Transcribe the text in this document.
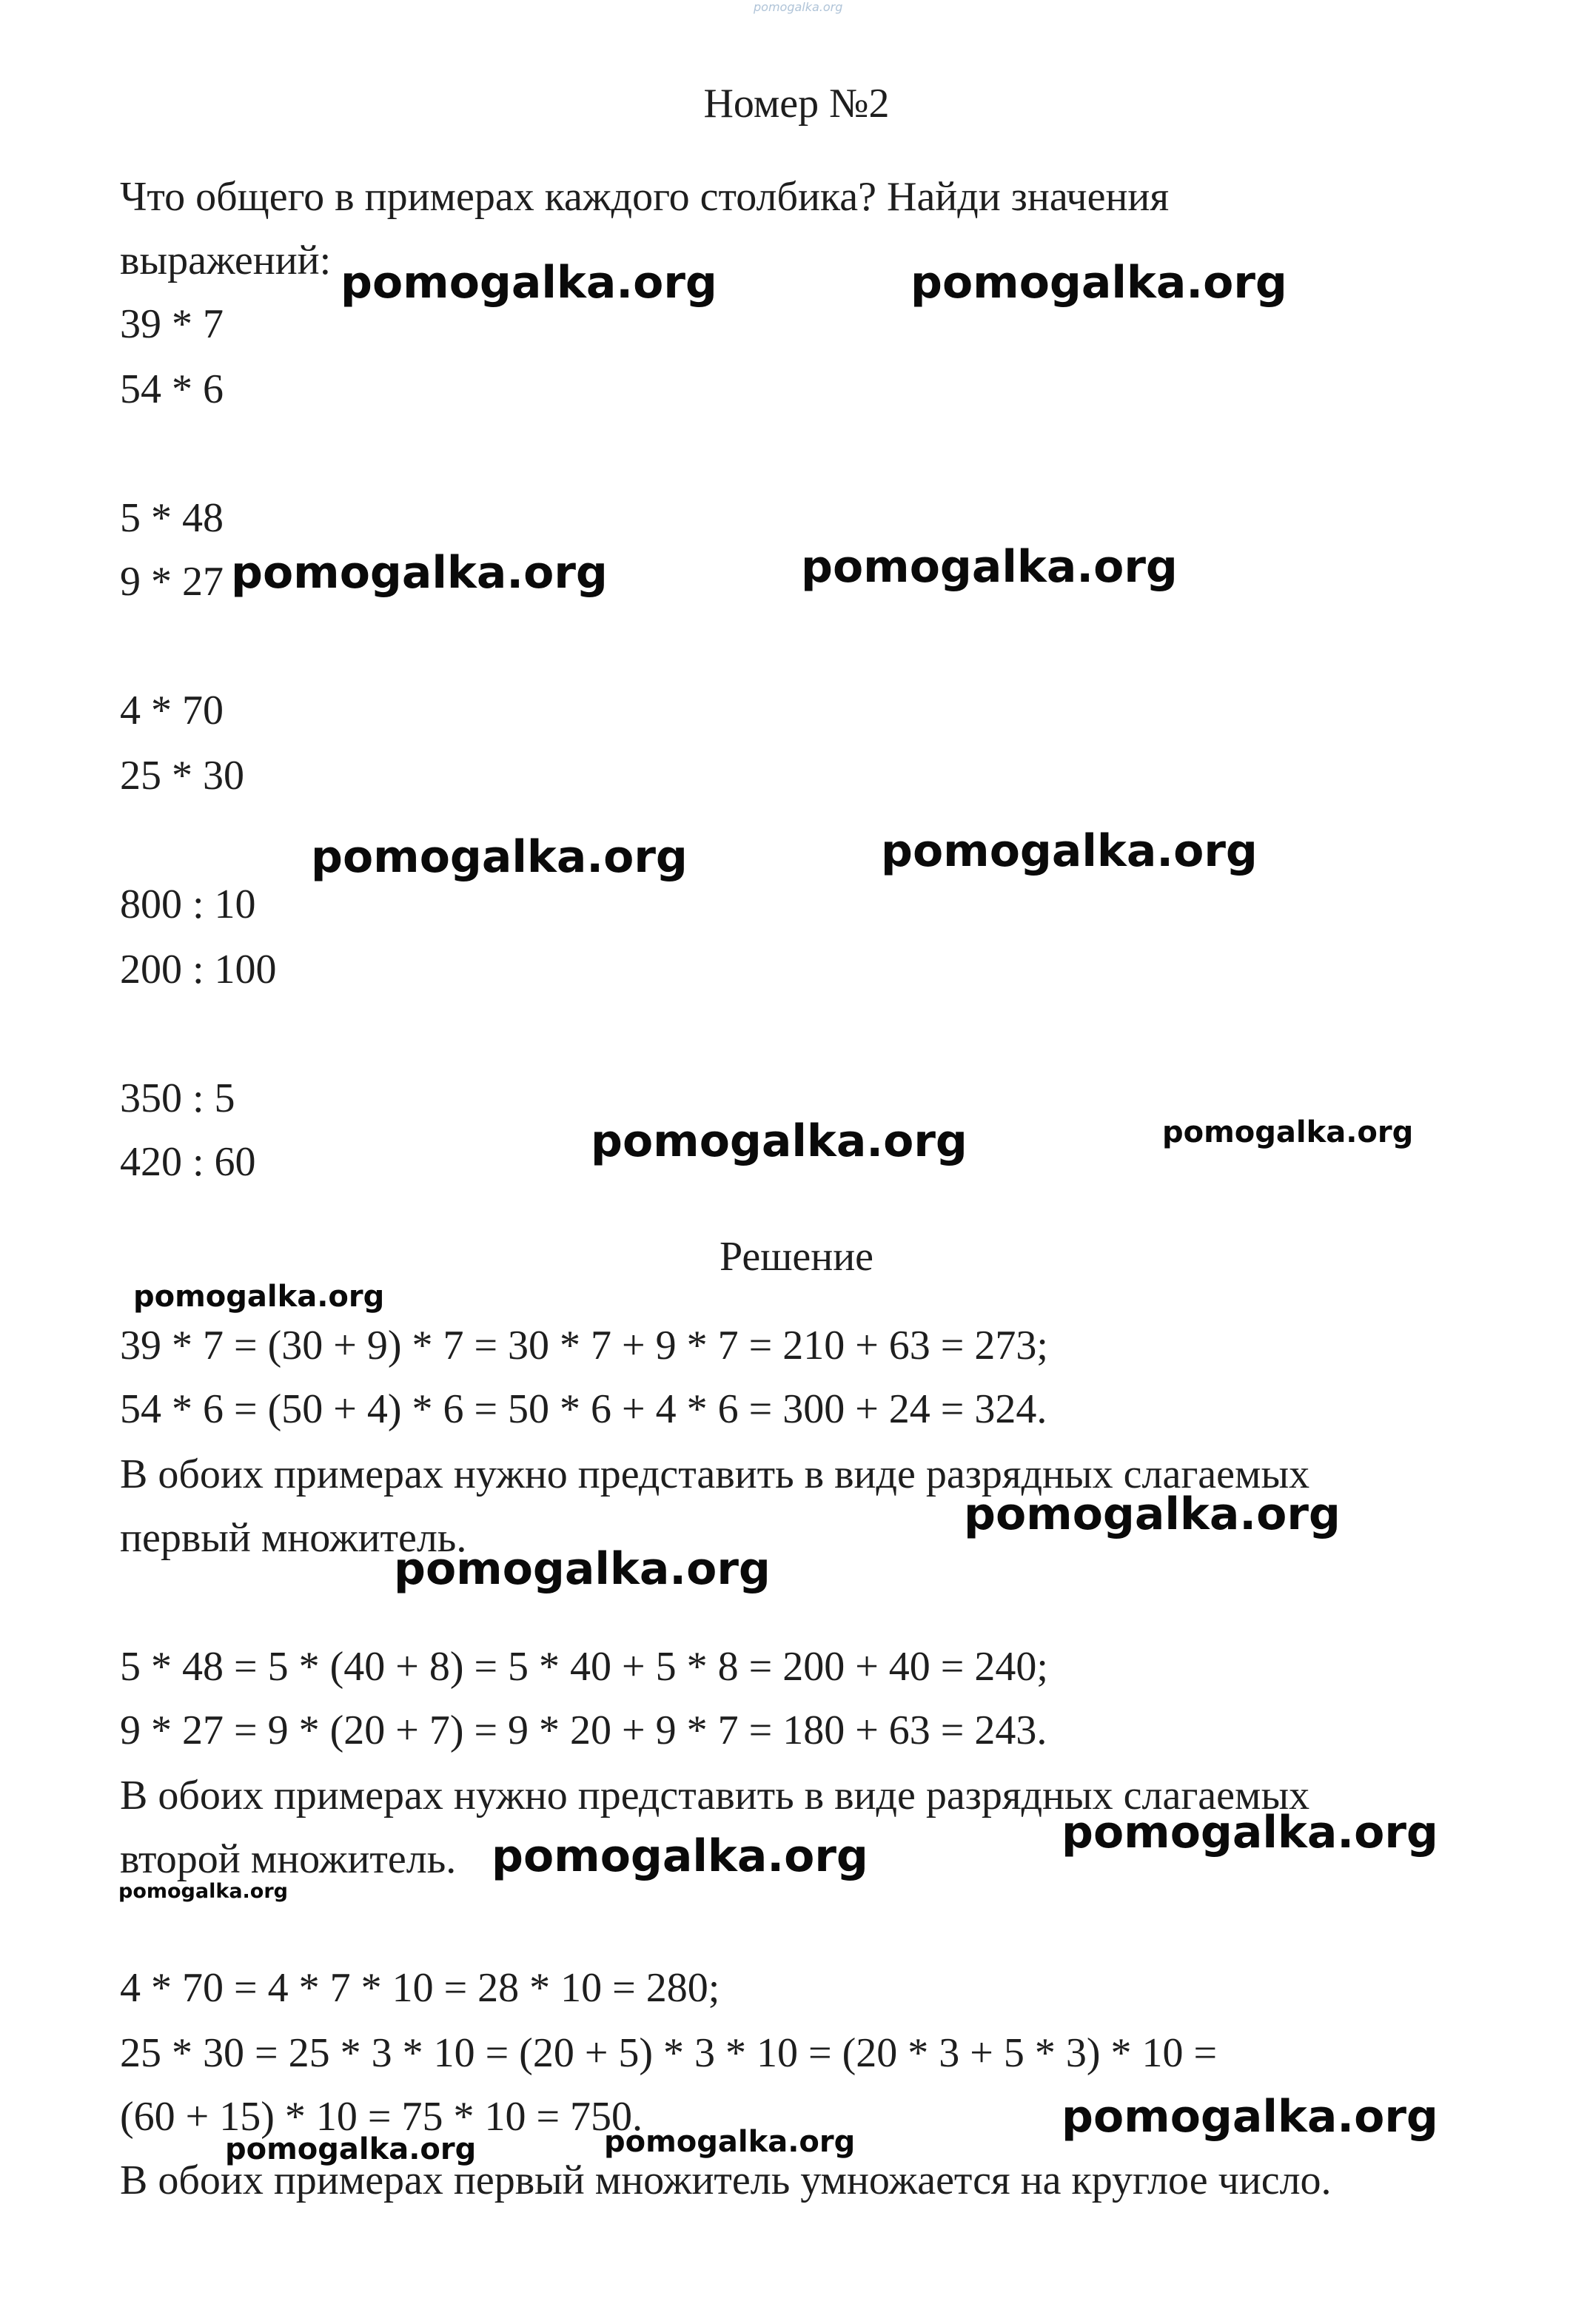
pomogalka.org
Номер №2
Что общего в примерах каждого столбика? Найди значения
выражений:
39 * 7
54 * 6
5 * 48
9 * 27
4 * 70
25 * 30
800 : 10
200 : 100
350 : 5
420 : 60
Решение
39 * 7 = (30 + 9) * 7 = 30 * 7 + 9 * 7 = 210 + 63 = 273;
54 * 6 = (50 + 4) * 6 = 50 * 6 + 4 * 6 = 300 + 24 = 324.
В обоих примерах нужно представить в виде разрядных слагаемых
первый множитель.
5 * 48 = 5 * (40 + 8) = 5 * 40 + 5 * 8 = 200 + 40 = 240;
9 * 27 = 9 * (20 + 7) = 9 * 20 + 9 * 7 = 180 + 63 = 243.
В обоих примерах нужно представить в виде разрядных слагаемых
второй множитель.
4 * 70 = 4 * 7 * 10 = 28 * 10 = 280;
25 * 30 = 25 * 3 * 10 = (20 + 5) * 3 * 10 = (20 * 3 + 5 * 3) * 10 =
(60 + 15) * 10 = 75 * 10 = 750.
В обоих примерах первый множитель умножается на круглое число.
pomogalka.org	pomogalka.org
pomogalka.org	pomogalka.org
pomogalka.org	pomogalka.org
pomogalka.org	pomogalka.org
pomogalka.org
pomogalka.org
pomogalka.org
pomogalka.org	pomogalka.org
pomogalka.org
pomogalka.org
pomogalka.org	pomogalka.org
